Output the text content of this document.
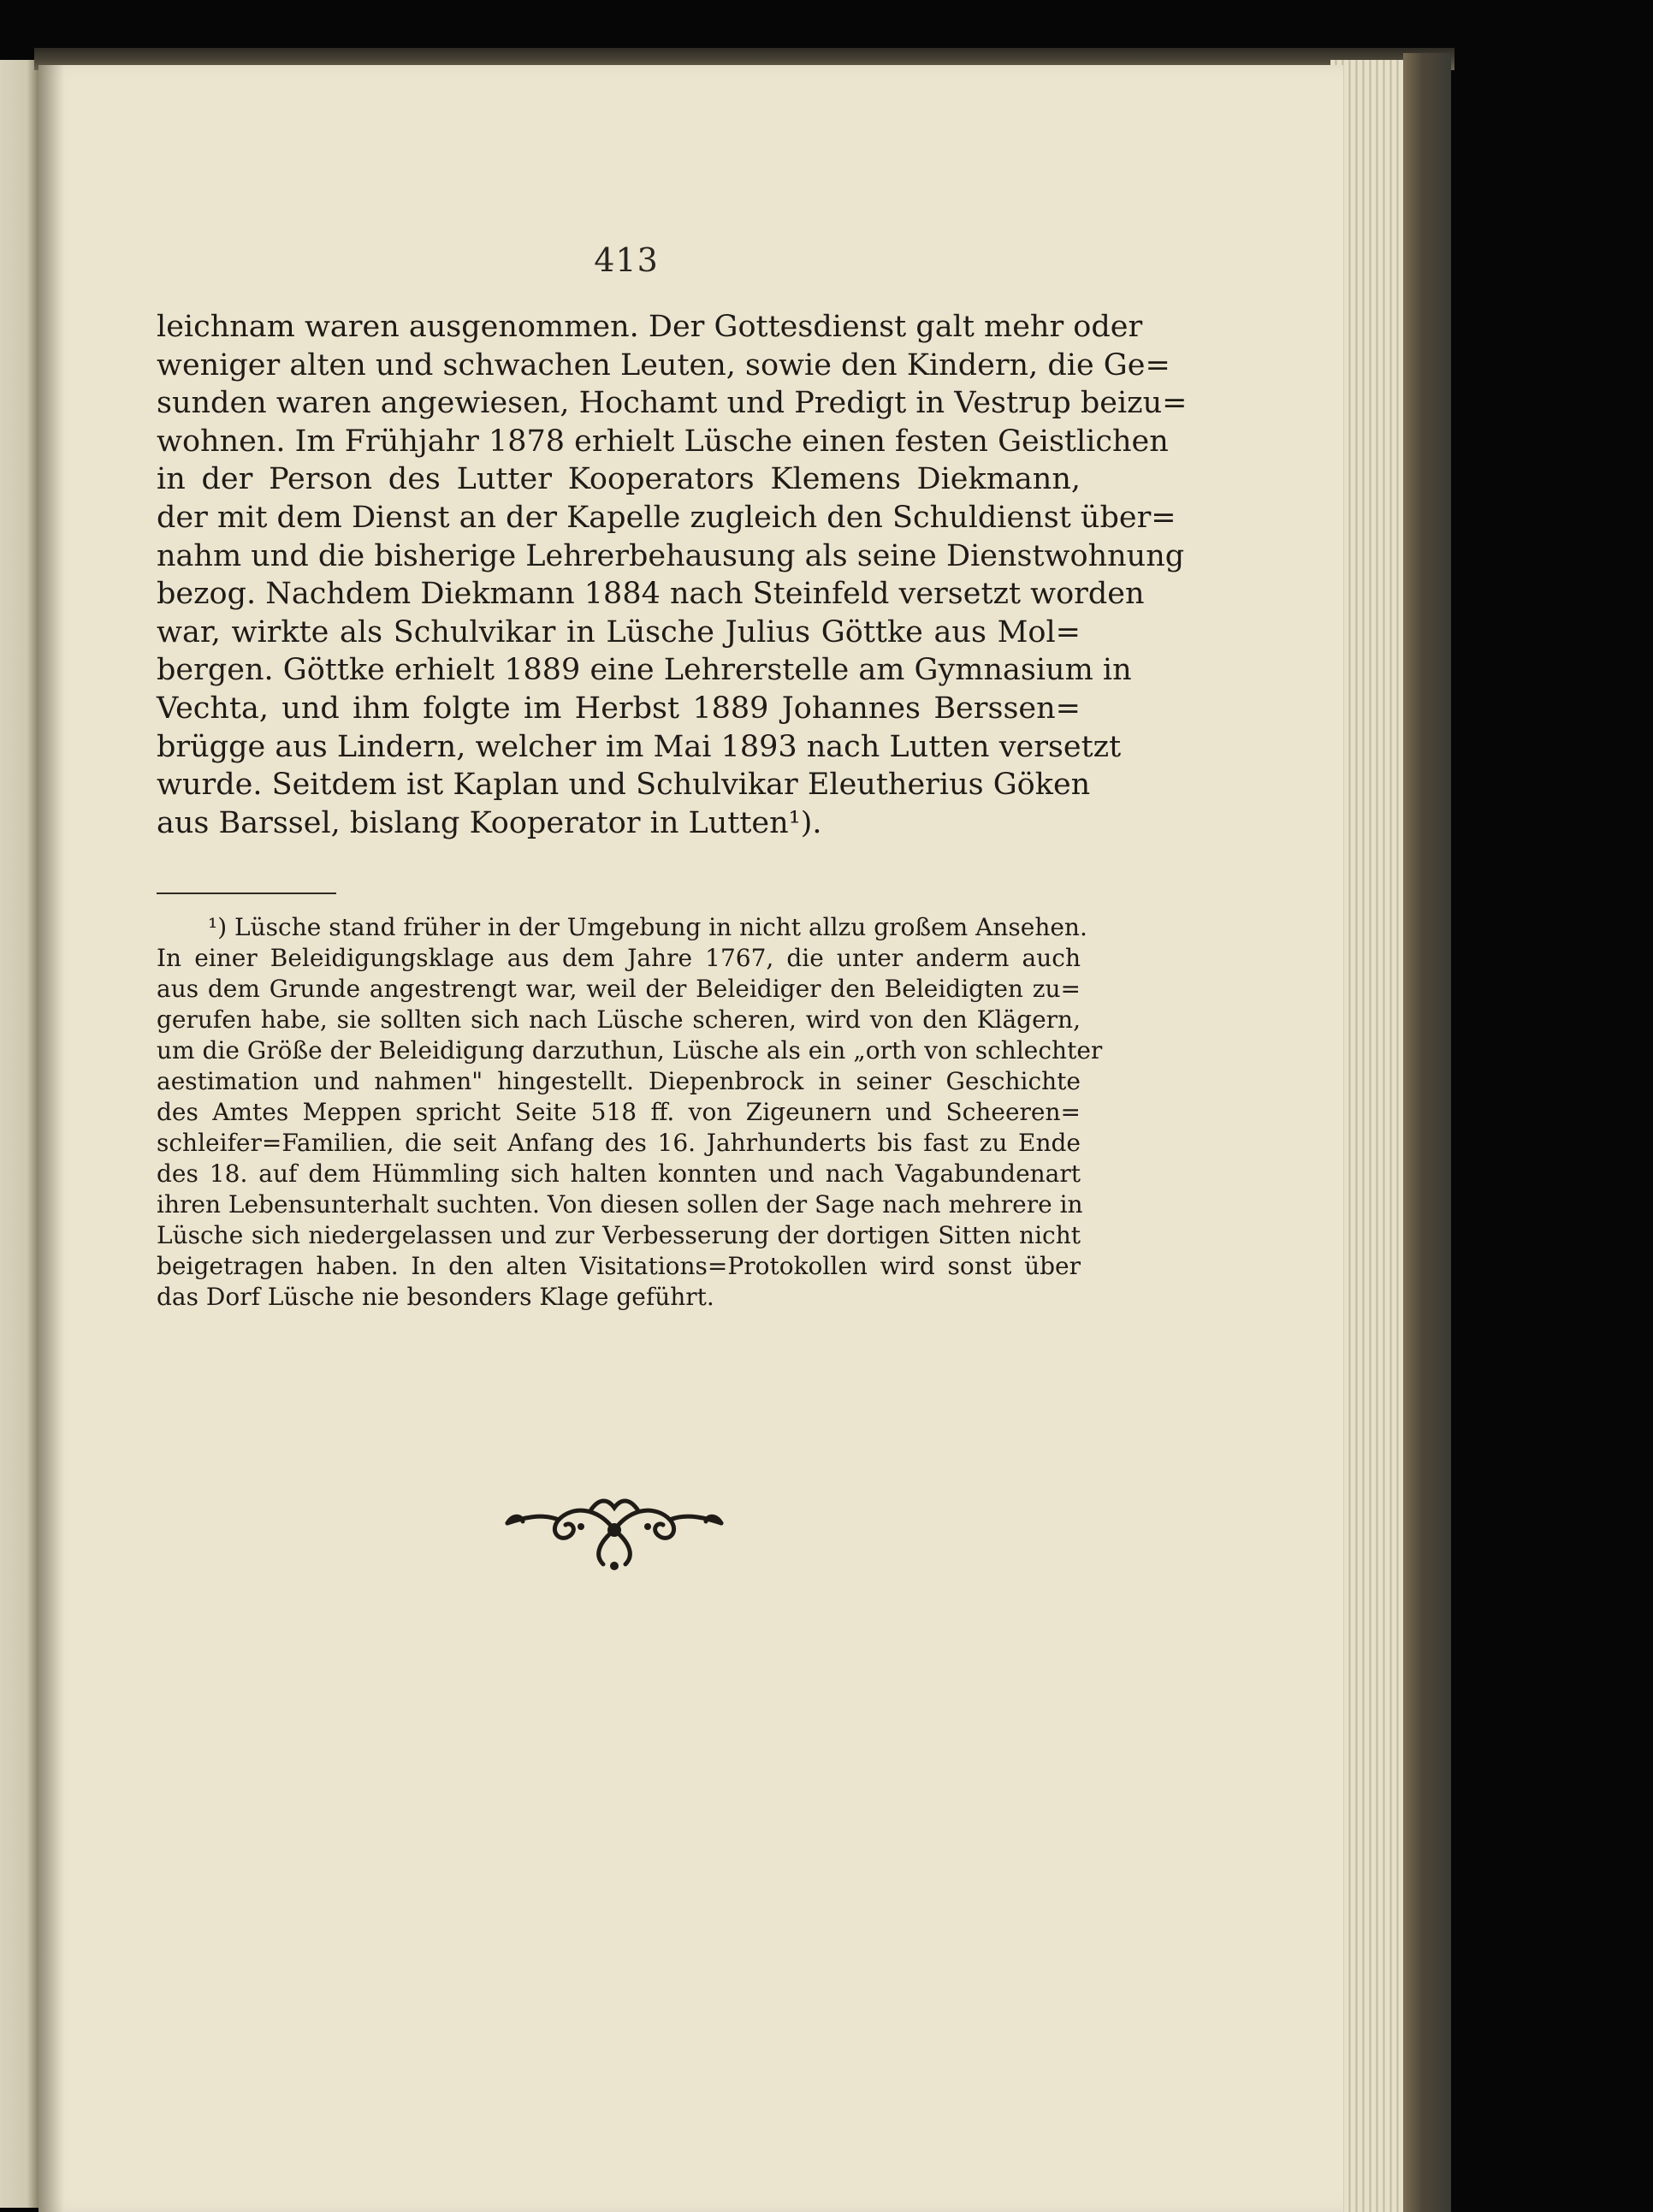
413
leichnam waren ausgenommen. Der Gottesdienst galt mehr oder
weniger alten und schwachen Leuten, sowie den Kindern, die Ge=
sunden waren angewiesen, Hochamt und Predigt in Vestrup beizu=
wohnen. Im Frühjahr 1878 erhielt Lüsche einen festen Geistlichen
in der Person des Lutter Kooperators Klemens Diekmann,
der mit dem Dienst an der Kapelle zugleich den Schuldienst über=
nahm und die bisherige Lehrerbehausung als seine Dienstwohnung
bezog. Nachdem Diekmann 1884 nach Steinfeld versetzt worden
war, wirkte als Schulvikar in Lüsche Julius Göttke aus Mol=
bergen. Göttke erhielt 1889 eine Lehrerstelle am Gymnasium in
Vechta, und ihm folgte im Herbst 1889 Johannes Berssen=
brügge aus Lindern, welcher im Mai 1893 nach Lutten versetzt
wurde. Seitdem ist Kaplan und Schulvikar Eleutherius Göken
aus Barssel, bislang Kooperator in Lutten¹).
¹) Lüsche stand früher in der Umgebung in nicht allzu großem Ansehen.
In einer Beleidigungsklage aus dem Jahre 1767, die unter anderm auch
aus dem Grunde angestrengt war, weil der Beleidiger den Beleidigten zu=
gerufen habe, sie sollten sich nach Lüsche scheren, wird von den Klägern,
um die Größe der Beleidigung darzuthun, Lüsche als ein „orth von schlechter
aestimation und nahmen" hingestellt. Diepenbrock in seiner Geschichte
des Amtes Meppen spricht Seite 518 ff. von Zigeunern und Scheeren=
schleifer=Familien, die seit Anfang des 16. Jahrhunderts bis fast zu Ende
des 18. auf dem Hümmling sich halten konnten und nach Vagabundenart
ihren Lebensunterhalt suchten. Von diesen sollen der Sage nach mehrere in
Lüsche sich niedergelassen und zur Verbesserung der dortigen Sitten nicht
beigetragen haben. In den alten Visitations=Protokollen wird sonst über
das Dorf Lüsche nie besonders Klage geführt.
